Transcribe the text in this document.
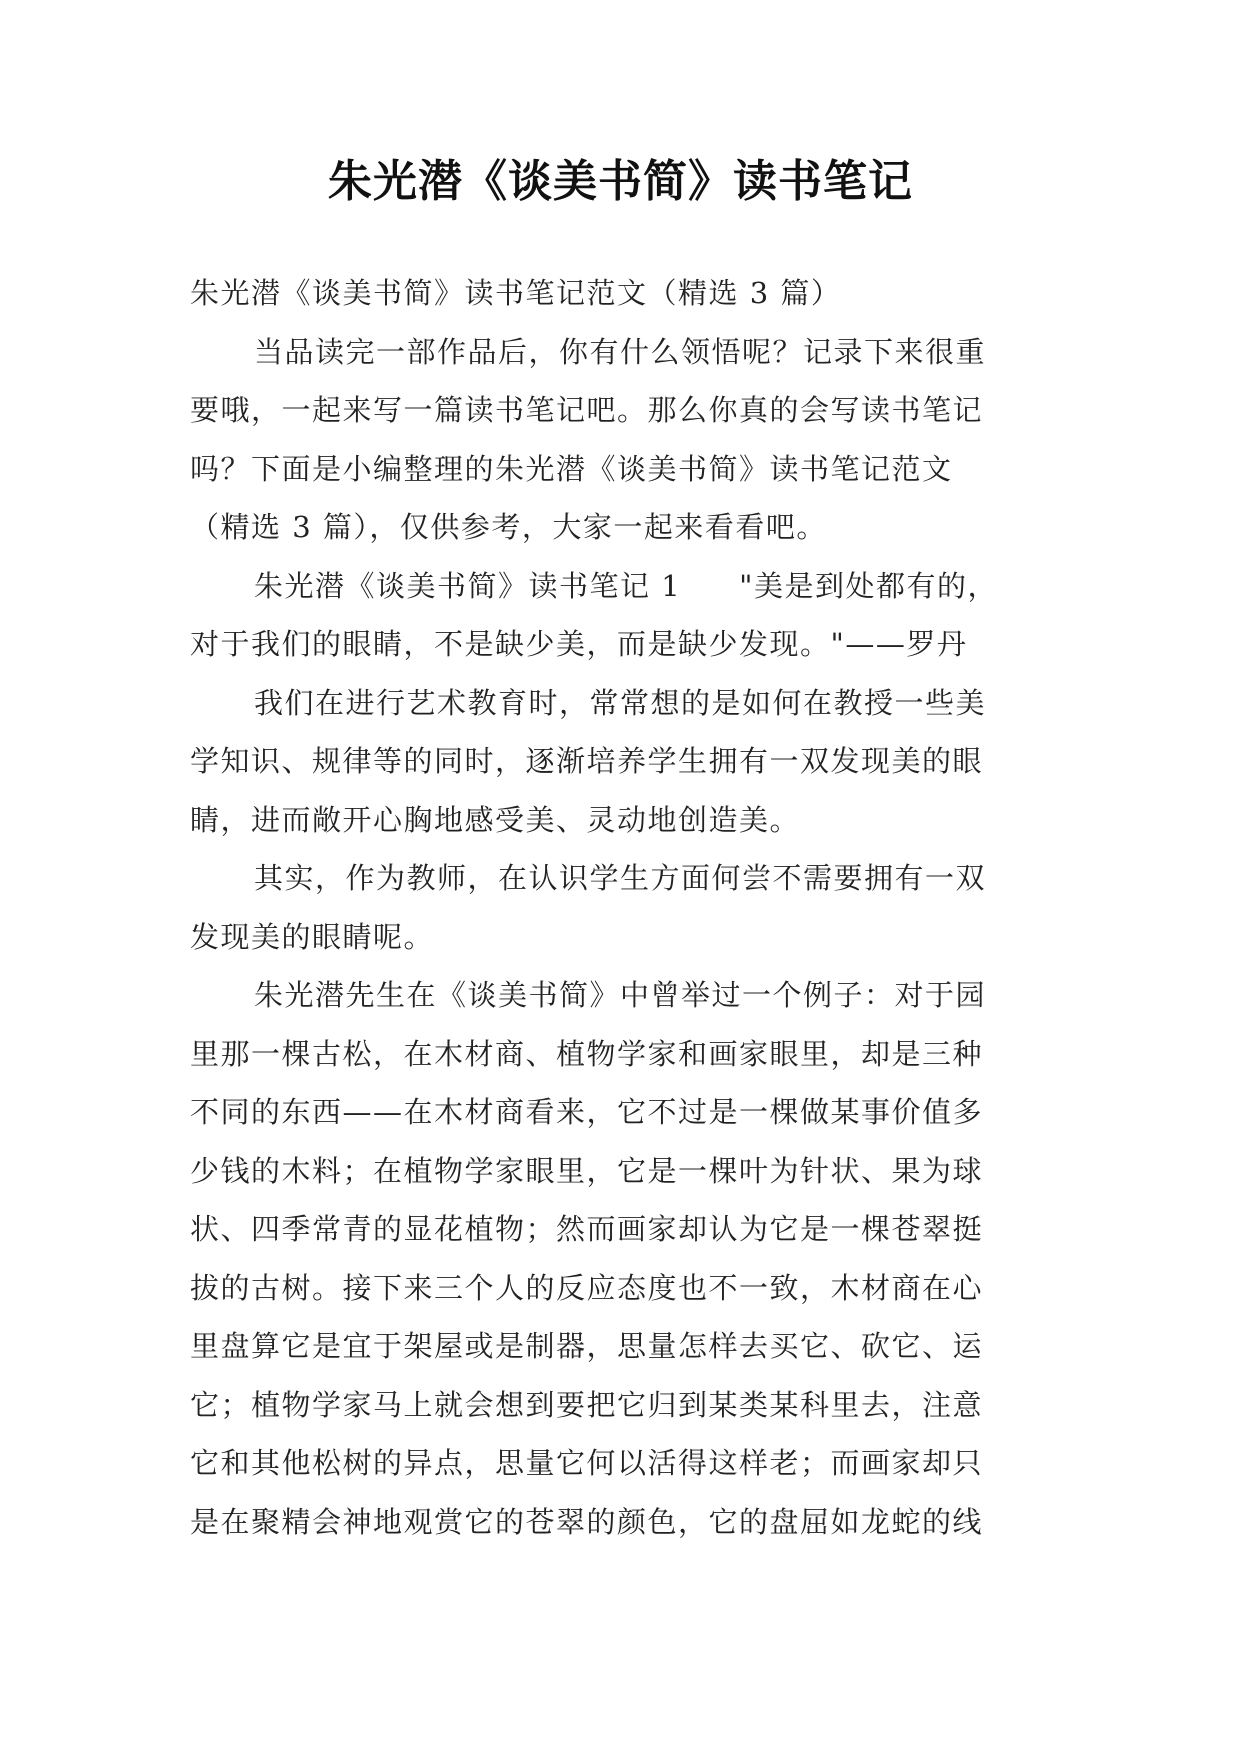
朱光潜《谈美书简》读书笔记
朱光潜《谈美书简》读书笔记范文（精选 3 篇）
当品读完一部作品后，你有什么领悟呢？记录下来很重
要哦，一起来写一篇读书笔记吧。那么你真的会写读书笔记
吗？下面是小编整理的朱光潜《谈美书简》读书笔记范文
（精选 3 篇），仅供参考，大家一起来看看吧。
朱光潜《谈美书简》读书笔记 1 "美是到处都有的，
对于我们的眼睛，不是缺少美，而是缺少发现。"——罗丹
我们在进行艺术教育时，常常想的是如何在教授一些美
学知识、规律等的同时，逐渐培养学生拥有一双发现美的眼
睛，进而敞开心胸地感受美、灵动地创造美。
其实，作为教师，在认识学生方面何尝不需要拥有一双
发现美的眼睛呢。
朱光潜先生在《谈美书简》中曾举过一个例子：对于园
里那一棵古松，在木材商、植物学家和画家眼里，却是三种
不同的东西——在木材商看来，它不过是一棵做某事价值多
少钱的木料；在植物学家眼里，它是一棵叶为针状、果为球
状、四季常青的显花植物；然而画家却认为它是一棵苍翠挺
拔的古树。接下来三个人的反应态度也不一致，木材商在心
里盘算它是宜于架屋或是制器，思量怎样去买它、砍它、运
它；植物学家马上就会想到要把它归到某类某科里去，注意
它和其他松树的异点，思量它何以活得这样老；而画家却只
是在聚精会神地观赏它的苍翠的颜色，它的盘屈如龙蛇的线
